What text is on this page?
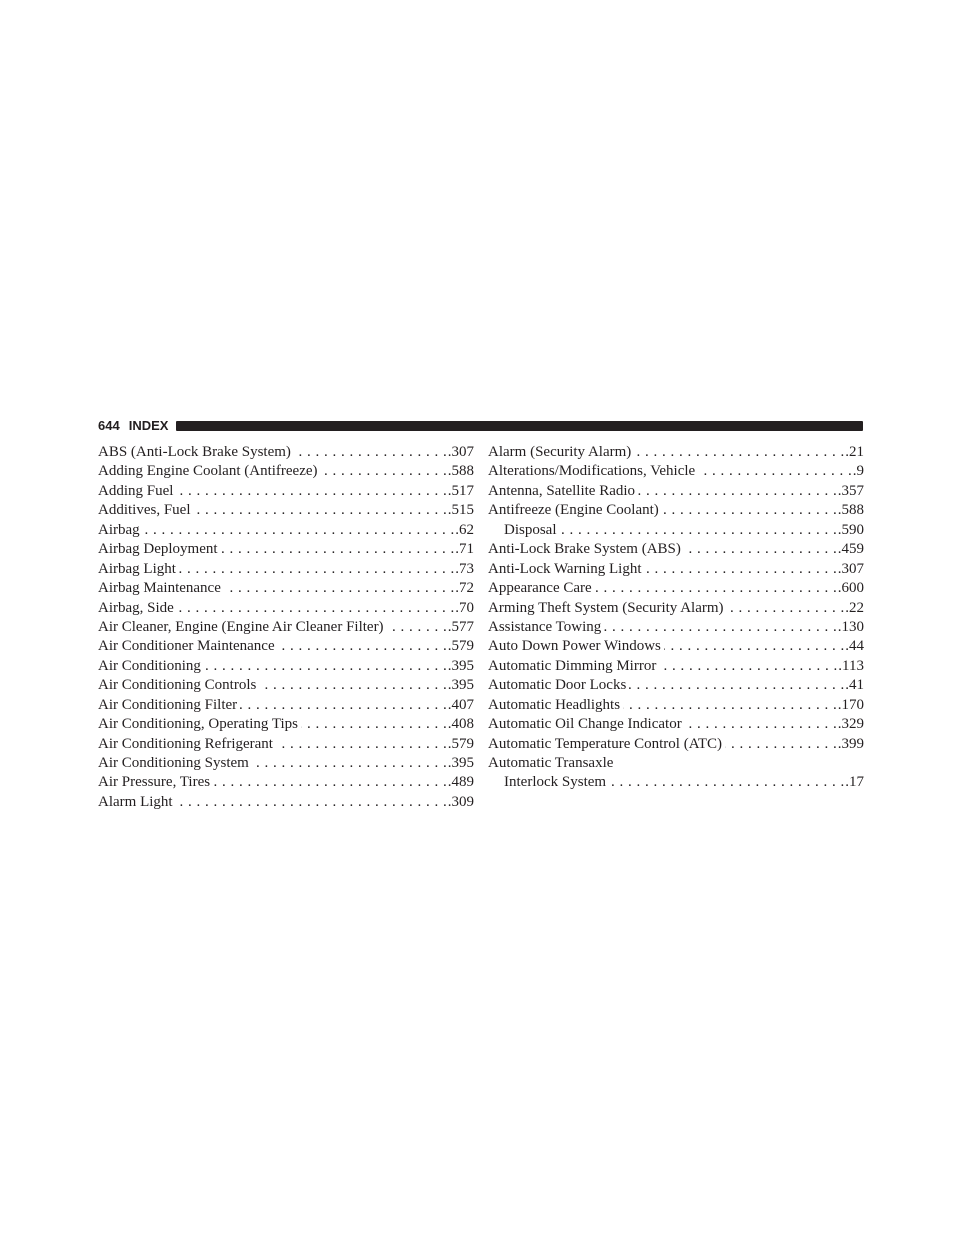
644 INDEX
ABS (Anti-Lock Brake System) . . .	.307
Adding Engine Coolant (Antifreeze) . . .	.588
Adding Fuel . . .	.517
Additives, Fuel . . .	.515
Airbag . . .	.62
Airbag Deployment . . .	.71
Airbag Light . . .	.73
Airbag Maintenance . . .	.72
Airbag, Side . . .	.70
Air Cleaner, Engine (Engine Air Cleaner Filter) . . .	.577
Air Conditioner Maintenance . . .	.579
Air Conditioning . . .	.395
Air Conditioning Controls . . .	.395
Air Conditioning Filter . . .	.407
Air Conditioning, Operating Tips . . .	.408
Air Conditioning Refrigerant . . .	.579
Air Conditioning System . . .	.395
Air Pressure, Tires . . .	.489
Alarm Light . . .	.309
Alarm (Security Alarm) . . .	.21
Alterations/Modifications, Vehicle . . .	.9
Antenna, Satellite Radio . . .	.357
Antifreeze (Engine Coolant) . . .	.588
Disposal . . .	.590
Anti-Lock Brake System (ABS) . . .	.459
Anti-Lock Warning Light . . .	.307
Appearance Care . . .	.600
Arming Theft System (Security Alarm) . . .	.22
Assistance Towing . . .	.130
Auto Down Power Windows . . .	.44
Automatic Dimming Mirror . . .	.113
Automatic Door Locks . . .	.41
Automatic Headlights . . .	.170
Automatic Oil Change Indicator . . .	.329
Automatic Temperature Control (ATC) . . .	.399
Automatic Transaxle
Interlock System . . .	.17
